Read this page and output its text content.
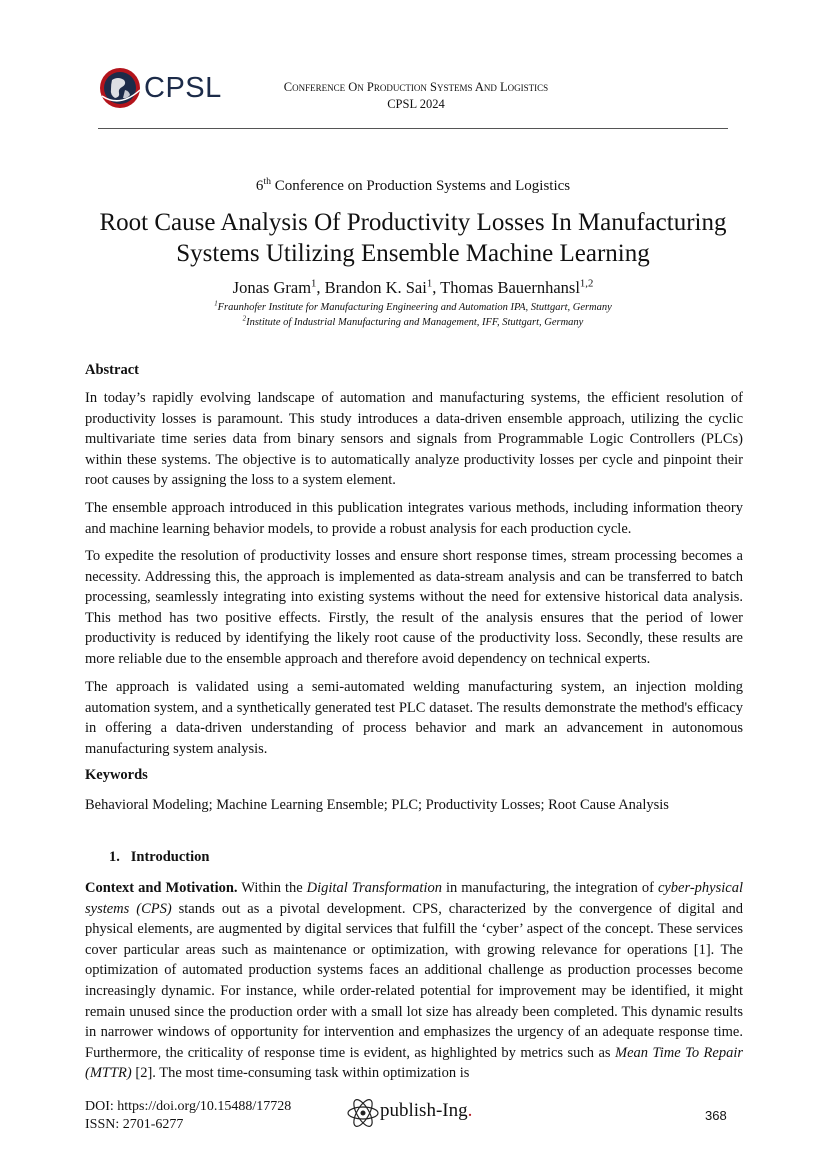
CPSL	Conference On Production Systems And Logistics
CPSL 2024
6th Conference on Production Systems and Logistics
Root Cause Analysis Of Productivity Losses In Manufacturing
Systems Utilizing Ensemble Machine Learning
Jonas Gram$^1$, Brandon K. Sai$^1$, Thomas Bauernhansl$^{1,2}$
$^1$Fraunhofer Institute for Manufacturing Engineering and Automation IPA, Stuttgart, Germany
$^2$Institute of Industrial Manufacturing and Management, IFF, Stuttgart, Germany
Abstract
In today’s rapidly evolving landscape of automation and manufacturing systems, the efficient resolution of productivity losses is paramount. This study introduces a data-driven ensemble approach, utilizing the cyclic multivariate time series data from binary sensors and signals from Programmable Logic Controllers (PLCs) within these systems. The objective is to automatically analyze productivity losses per cycle and pinpoint their root causes by assigning the loss to a system element.
The ensemble approach introduced in this publication integrates various methods, including information theory and machine learning behavior models, to provide a robust analysis for each production cycle.
To expedite the resolution of productivity losses and ensure short response times, stream processing becomes a necessity. Addressing this, the approach is implemented as data-stream analysis and can be transferred to batch processing, seamlessly integrating into existing systems without the need for extensive historical data analysis. This method has two positive effects. Firstly, the result of the analysis ensures that the period of lower productivity is reduced by identifying the likely root cause of the productivity loss. Secondly, these results are more reliable due to the ensemble approach and therefore avoid dependency on technical experts.
The approach is validated using a semi-automated welding manufacturing system, an injection molding automation system, and a synthetically generated test PLC dataset. The results demonstrate the method's efficacy in offering a data-driven understanding of process behavior and mark an advancement in autonomous manufacturing system analysis.
Keywords
Behavioral Modeling; Machine Learning Ensemble; PLC; Productivity Losses; Root Cause Analysis
1.   Introduction
Context and Motivation. Within the Digital Transformation in manufacturing, the integration of cyber-physical systems (CPS) stands out as a pivotal development. CPS, characterized by the convergence of digital and physical elements, are augmented by digital services that fulfill the ‘cyber’ aspect of the concept. These services cover particular areas such as maintenance or optimization, with growing relevance for operations [1]. The optimization of automated production systems faces an additional challenge as production processes become increasingly dynamic. For instance, while order-related potential for improvement may be identified, it might remain unused since the production order with a small lot size has already been completed. This dynamic results in narrower windows of opportunity for intervention and emphasizes the urgency of an adequate response time. Furthermore, the criticality of response time is evident, as highlighted by metrics such as Mean Time To Repair (MTTR) [2]. The most time-consuming task within optimization is
DOI: https://doi.org/10.15488/17728
ISSN: 2701-6277
publish-Ing.	368
